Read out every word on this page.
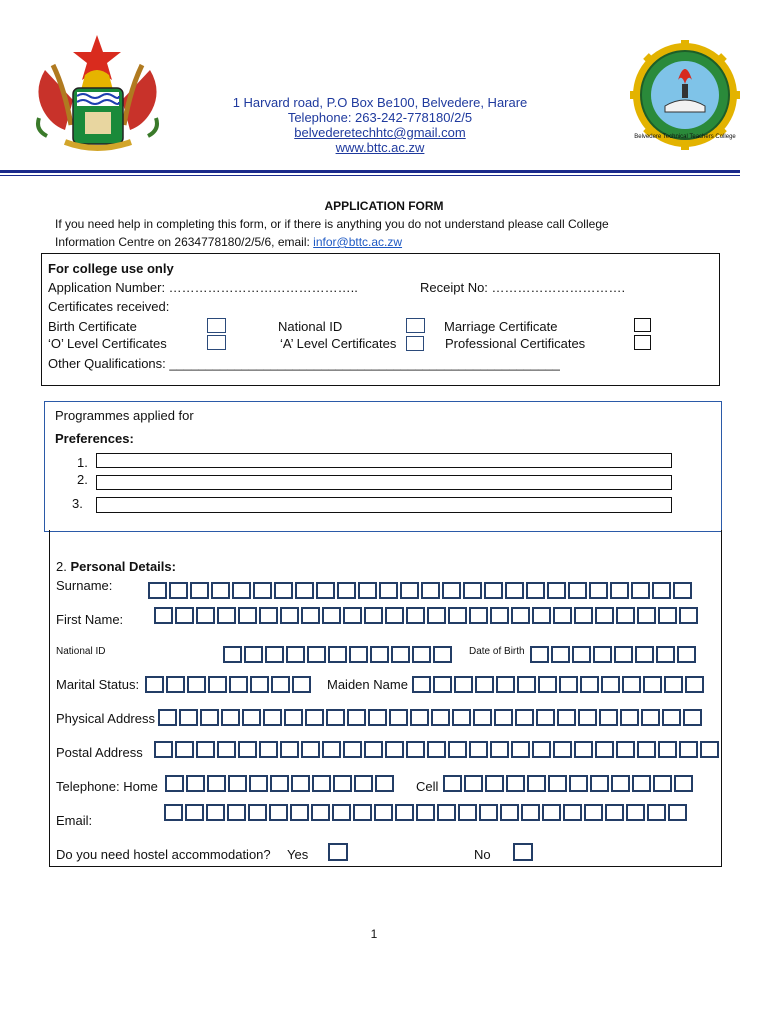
1 Harvard road, P.O Box Be100, Belvedere, Harare
Telephone: 263-242-778180/2/5
belvederetechhtc@gmail.com
www.bttc.ac.zw
Belvedere Technical Teachers College
APPLICATION FORM
If you need help in completing this form, or if there is anything you do not understand please call College
Information Centre on 2634778180/2/5/6, email: infor@bttc.ac.zw
For college use only
Application Number: ……………………………………..	Receipt No: ………………………….
Certificates received:
Birth Certificate	National ID	Marriage Certificate
‘O’ Level Certificates	‘A’ Level Certificates	Professional Certificates
Other Qualifications: ______________________________________________________
Programmes applied for
Preferences:
1.
2.
3.
2. Personal Details:
Surname:
First Name:
National ID	Date of Birth
Marital Status:	Maiden Name
Physical Address
Postal Address
Telephone: Home	Cell
Email:
Do you need hostel accommodation? Yes	No
1
